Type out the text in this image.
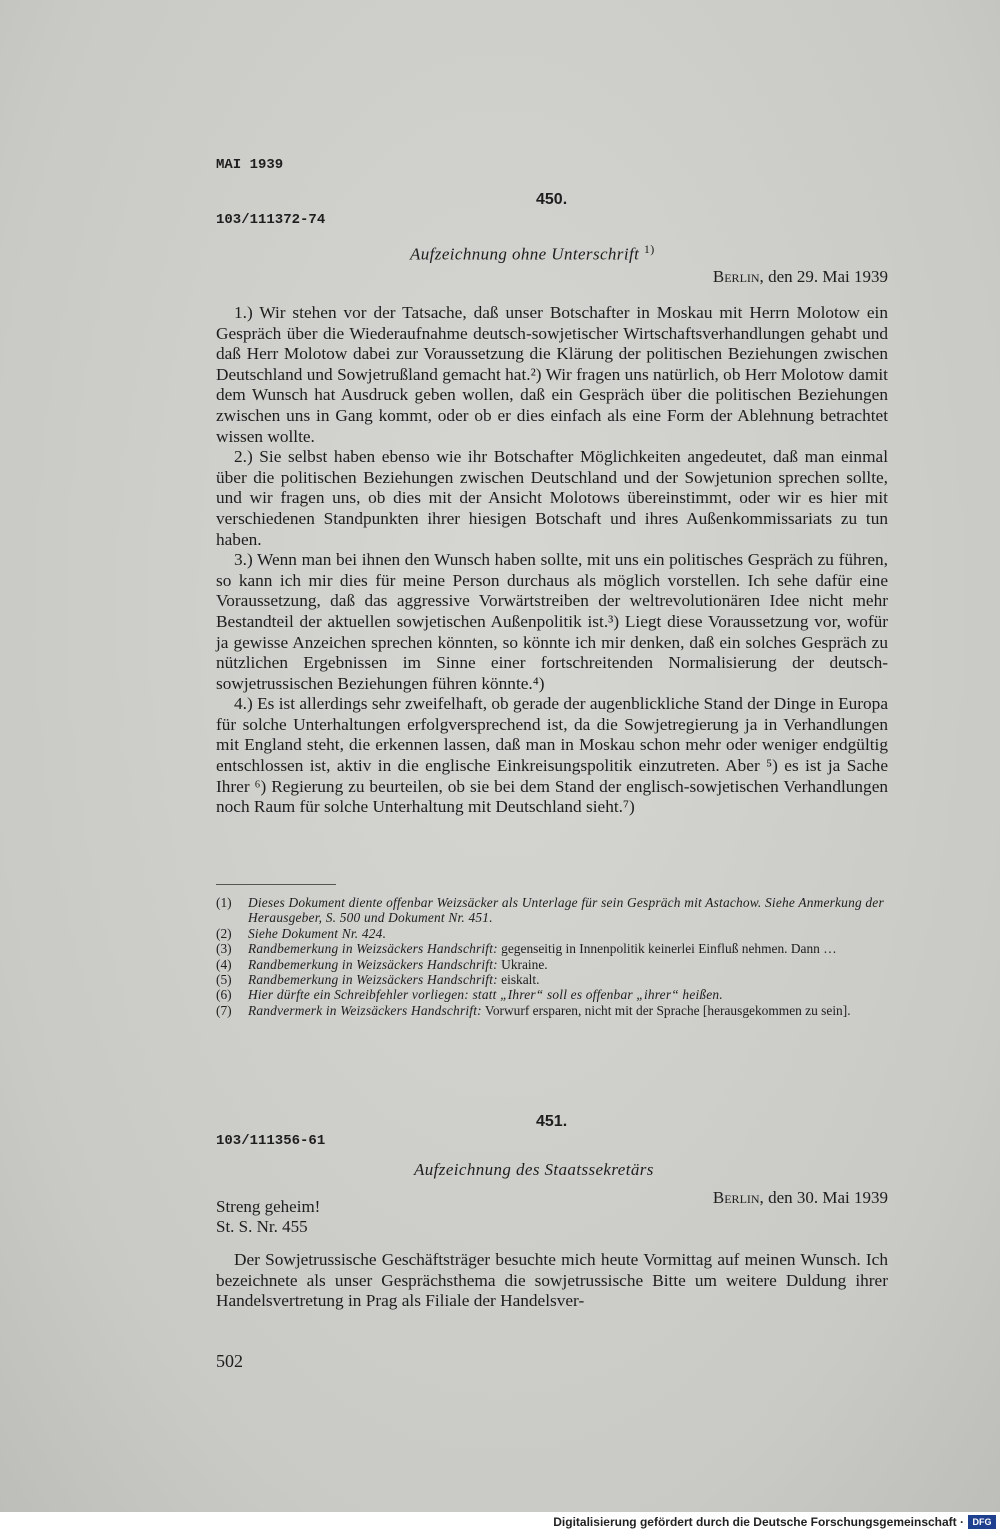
MAI 1939
450.
103/111372-74
Aufzeichnung ohne Unterschrift $^{1)}$
Berlin, den 29. Mai 1939

1.) Wir stehen vor der Tatsache, daß unser Botschafter in Moskau mit Herrn Molotow ein Gespräch über die Wiederaufnahme deutsch-sowjetischer Wirtschaftsverhandlungen gehabt und daß Herr Molotow dabei zur Voraussetzung die Klärung der politischen Beziehungen zwischen Deutschland und Sowjetrußland gemacht hat.²) Wir fragen uns natürlich, ob Herr Molotow damit dem Wunsch hat Ausdruck geben wollen, daß ein Gespräch über die politischen Beziehungen zwischen uns in Gang kommt, oder ob er dies einfach als eine Form der Ablehnung betrachtet wissen wollte.

2.) Sie selbst haben ebenso wie ihr Botschafter Möglichkeiten angedeutet, daß man einmal über die politischen Beziehungen zwischen Deutschland und der Sowjetunion sprechen sollte, und wir fragen uns, ob dies mit der Ansicht Molotows übereinstimmt, oder wir es hier mit verschiedenen Standpunkten ihrer hiesigen Botschaft und ihres Außenkommissariats zu tun haben.

3.) Wenn man bei ihnen den Wunsch haben sollte, mit uns ein politisches Gespräch zu führen, so kann ich mir dies für meine Person durchaus als möglich vorstellen. Ich sehe dafür eine Voraussetzung, daß das aggressive Vorwärtstreiben der weltrevolutionären Idee nicht mehr Bestandteil der aktuellen sowjetischen Außenpolitik ist.³) Liegt diese Voraussetzung vor, wofür ja gewisse Anzeichen sprechen könnten, so könnte ich mir denken, daß ein solches Gespräch zu nützlichen Ergebnissen im Sinne einer fortschreitenden Normalisierung der deutsch-sowjetrussischen Beziehungen führen könnte.⁴)

4.) Es ist allerdings sehr zweifelhaft, ob gerade der augenblickliche Stand der Dinge in Europa für solche Unterhaltungen erfolgversprechend ist, da die Sowjetregierung ja in Verhandlungen mit England steht, die erkennen lassen, daß man in Moskau schon mehr oder weniger endgültig entschlossen ist, aktiv in die englische Einkreisungspolitik einzutreten. Aber ⁵) es ist ja Sache Ihrer ⁶) Regierung zu beurteilen, ob sie bei dem Stand der englisch-sowjetischen Verhandlungen noch Raum für solche Unterhaltung mit Deutschland sieht.⁷)

(1) Dieses Dokument diente offenbar Weizsäcker als Unterlage für sein Gespräch mit Astachow. Siehe Anmerkung der Herausgeber, S. 500 und Dokument Nr. 451.
(2) Siehe Dokument Nr. 424.
(3) Randbemerkung in Weizsäckers Handschrift: gegenseitig in Innenpolitik keinerlei Einfluß nehmen. Dann …
(4) Randbemerkung in Weizsäckers Handschrift: Ukraine.
(5) Randbemerkung in Weizsäckers Handschrift: eiskalt.
(6) Hier dürfte ein Schreibfehler vorliegen: statt „Ihrer“ soll es offenbar „ihrer“ heißen.
(7) Randvermerk in Weizsäckers Handschrift: Vorwurf ersparen, nicht mit der Sprache [herausgekommen zu sein].
451.
103/111356-61
Aufzeichnung des Staatssekretärs
Streng geheim!
St. S. Nr. 455
Berlin, den 30. Mai 1939

Der Sowjetrussische Geschäftsträger besuchte mich heute Vormittag auf meinen Wunsch. Ich bezeichnete als unser Gesprächsthema die sowjetrussische Bitte um weitere Duldung ihrer Handelsvertretung in Prag als Filiale der Handelsver-

502
Digitalisierung gefördert durch die Deutsche Forschungsgemeinschaft · DFG
